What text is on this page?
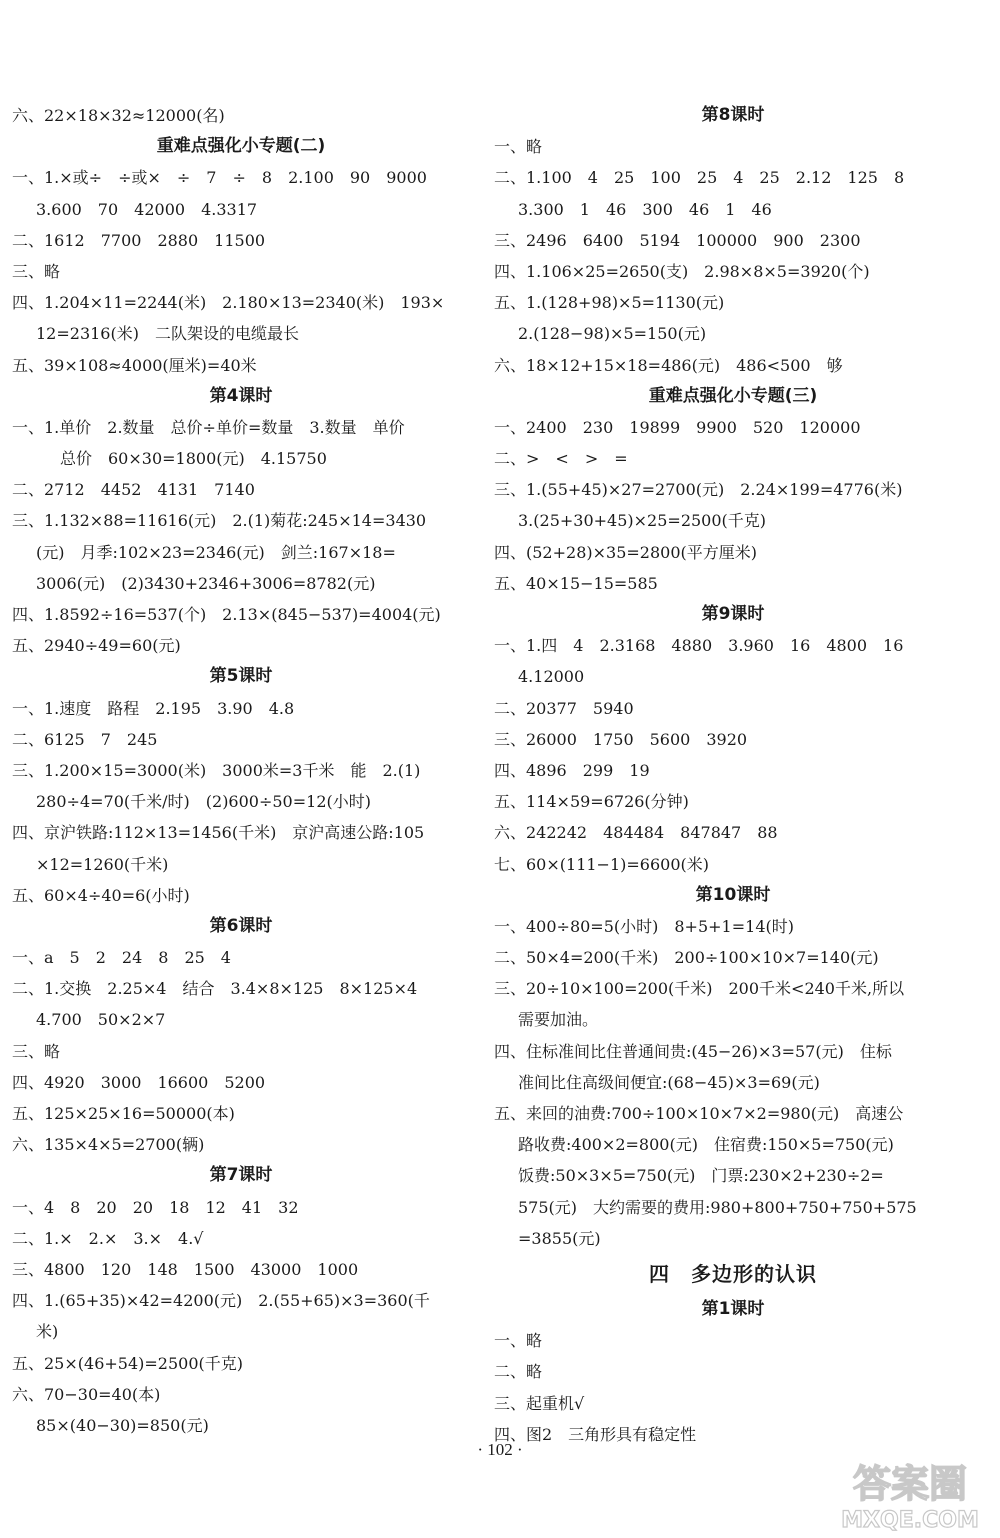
六、22×18×32≈12000(名)
重难点强化小专题(二)
一、1.×或÷　÷或×　÷　7　÷　8　2.100　90　9000
3.600　70　42000　4.3317
二、1612　7700　2880　11500
三、略
四、1.204×11=2244(米)　2.180×13=2340(米)　193×
12=2316(米)　二队架设的电缆最长
五、39×108≈4000(厘米)=40米
第4课时
一、1.单价　2.数量　总价÷单价=数量　3.数量　单价
　　总价　60×30=1800(元)　4.15750
二、2712　4452　4131　7140
三、1.132×88=11616(元)　2.(1)菊花:245×14=3430
(元)　月季:102×23=2346(元)　剑兰:167×18=
3006(元)　(2)3430+2346+3006=8782(元)
四、1.8592÷16=537(个)　2.13×(845−537)=4004(元)
五、2940÷49=60(元)
第5课时
一、1.速度　路程　2.195　3.90　4.8
二、6125　7　245
三、1.200×15=3000(米)　3000米=3千米　能　2.(1)
280÷4=70(千米/时)　(2)600÷50=12(小时)
四、京沪铁路:112×13=1456(千米)　京沪高速公路:105
×12=1260(千米)
五、60×4÷40=6(小时)
第6课时
一、a　5　2　24　8　25　4
二、1.交换　2.25×4　结合　3.4×8×125　8×125×4
4.700　50×2×7
三、略
四、4920　3000　16600　5200
五、125×25×16=50000(本)
六、135×4×5=2700(辆)
第7课时
一、4　8　20　20　18　12　41　32
二、1.×　2.×　3.×　4.√
三、4800　120　148　1500　43000　1000
四、1.(65+35)×42=4200(元)　2.(55+65)×3=360(千
米)
五、25×(46+54)=2500(千克)
六、70−30=40(本)
85×(40−30)=850(元)
第8课时
一、略
二、1.100　4　25　100　25　4　25　2.12　125　8
3.300　1　46　300　46　1　46
三、2496　6400　5194　100000　900　2300
四、1.106×25=2650(支)　2.98×8×5=3920(个)
五、1.(128+98)×5=1130(元)
2.(128−98)×5=150(元)
六、18×12+15×18=486(元)　486<500　够
重难点强化小专题(三)
一、2400　230　19899　9900　520　120000
二、>　<　>　=
三、1.(55+45)×27=2700(元)　2.24×199=4776(米)
3.(25+30+45)×25=2500(千克)
四、(52+28)×35=2800(平方厘米)
五、40×15−15=585
第9课时
一、1.四　4　2.3168　4880　3.960　16　4800　16
4.12000
二、20377　5940
三、26000　1750　5600　3920
四、4896　299　19
五、114×59=6726(分钟)
六、242242　484484　847847　88
七、60×(111−1)=6600(米)
第10课时
一、400÷80=5(小时)　8+5+1=14(时)
二、50×4=200(千米)　200÷100×10×7=140(元)
三、20÷10×100=200(千米)　200千米<240千米,所以
需要加油。
四、住标准间比住普通间贵:(45−26)×3=57(元)　住标
准间比住高级间便宜:(68−45)×3=69(元)
五、来回的油费:700÷100×10×7×2=980(元)　高速公
路收费:400×2=800(元)　住宿费:150×5=750(元)
饭费:50×3×5=750(元)　门票:230×2+230÷2=
575(元)　大约需要的费用:980+800+750+750+575
=3855(元)
四　多边形的认识
第1课时
一、略
二、略
三、起重机√
四、图2　三角形具有稳定性
· 102 ·
答案圈
MXQE.COM
